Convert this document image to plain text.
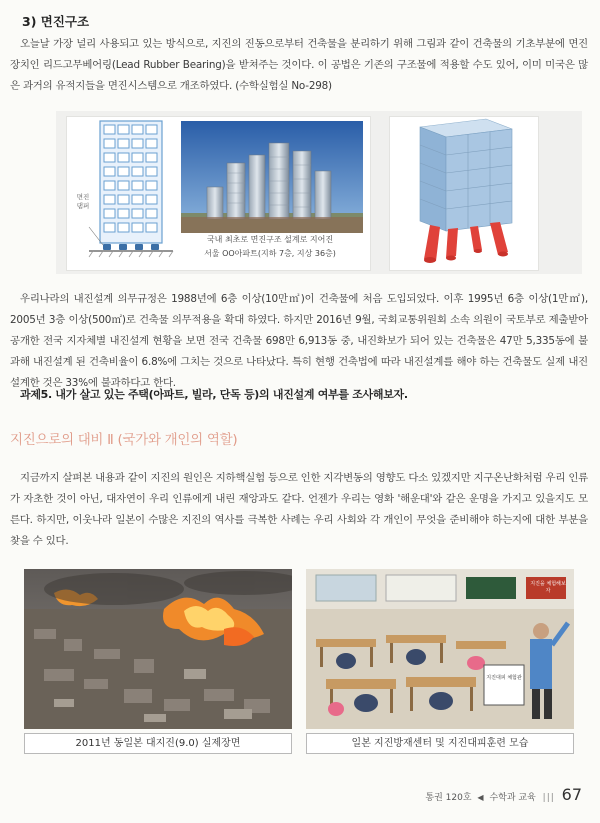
3) 면진구조

오늘날 가장 널리 사용되고 있는 방식으로, 지진의 진동으로부터 건축물을 분리하기 위해 그림과 같이 건축물의 기초부분에 면진장치인 리드고무베어링(Lead Rubber Bearing)을 받쳐주는 것이다. 이 공법은 기존의 구조물에 적용할 수도 있어, 이미 미국은 많은 과거의 유적지들을 면진시스템으로 개조하였다. (수학실험실 No-298)

면진
댐퍼
국내 최초로 면진구조 설계로 지어진
서울 OO아파트(지하 7층, 지상 36층)

우리나라의 내진설계 의무규정은 1988년에 6층 이상(10만㎡)이 건축물에 처음 도입되었다. 이후 1995년 6층 이상(1만㎡), 2005년 3층 이상(500㎡)로 건축물 의무적용을 확대 하였다. 하지만 2016년 9월, 국회교통위원회 소속 의원이 국토부로 제출받아 공개한 전국 지자체별 내진설계 현황을 보면 전국 건축물 698만 6,913동 중, 내진화보가 되어 있는 건축물은 47만 5,335동에 불과해 내진설계 된 건축비율이 6.8%에 그치는 것으로 나타났다. 특히 현행 건축법에 따라 내진설계를 해야 하는 건축물도 실제 내진 설계한 것은 33%에 불과하다고 한다.

과제5. 내가 살고 있는 주택(아파트, 빌라, 단독 등)의 내진설계 여부를 조사해보자.
지진으로의 대비 Ⅱ (국가와 개인의 역할)

지금까지 살펴본 내용과 같이 지진의 원인은 지하핵실험 등으로 인한 지각변동의 영향도 다소 있겠지만 지구온난화처럼 우리 인류가 자초한 것이 아닌, 대자연이 우리 인류에게 내린 재앙과도 같다. 언젠가 우리는 영화 '해운대'와 같은 운명을 가지고 있을지도 모른다. 하지만, 이웃나라 일본이 수많은 지진의 역사를 극복한 사례는 우리 사회와 각 개인이 무엇을 준비해야 하는지에 대한 부분을 찾을 수 있다.

지진을 체험해보자
지진대피 체험관
2011년 동일본 대지진(9.0) 실제장면	일본 지진방재센터 및 지진대피훈련 모습
통권 120호 ◀ 수학과 교육 ||| 67
